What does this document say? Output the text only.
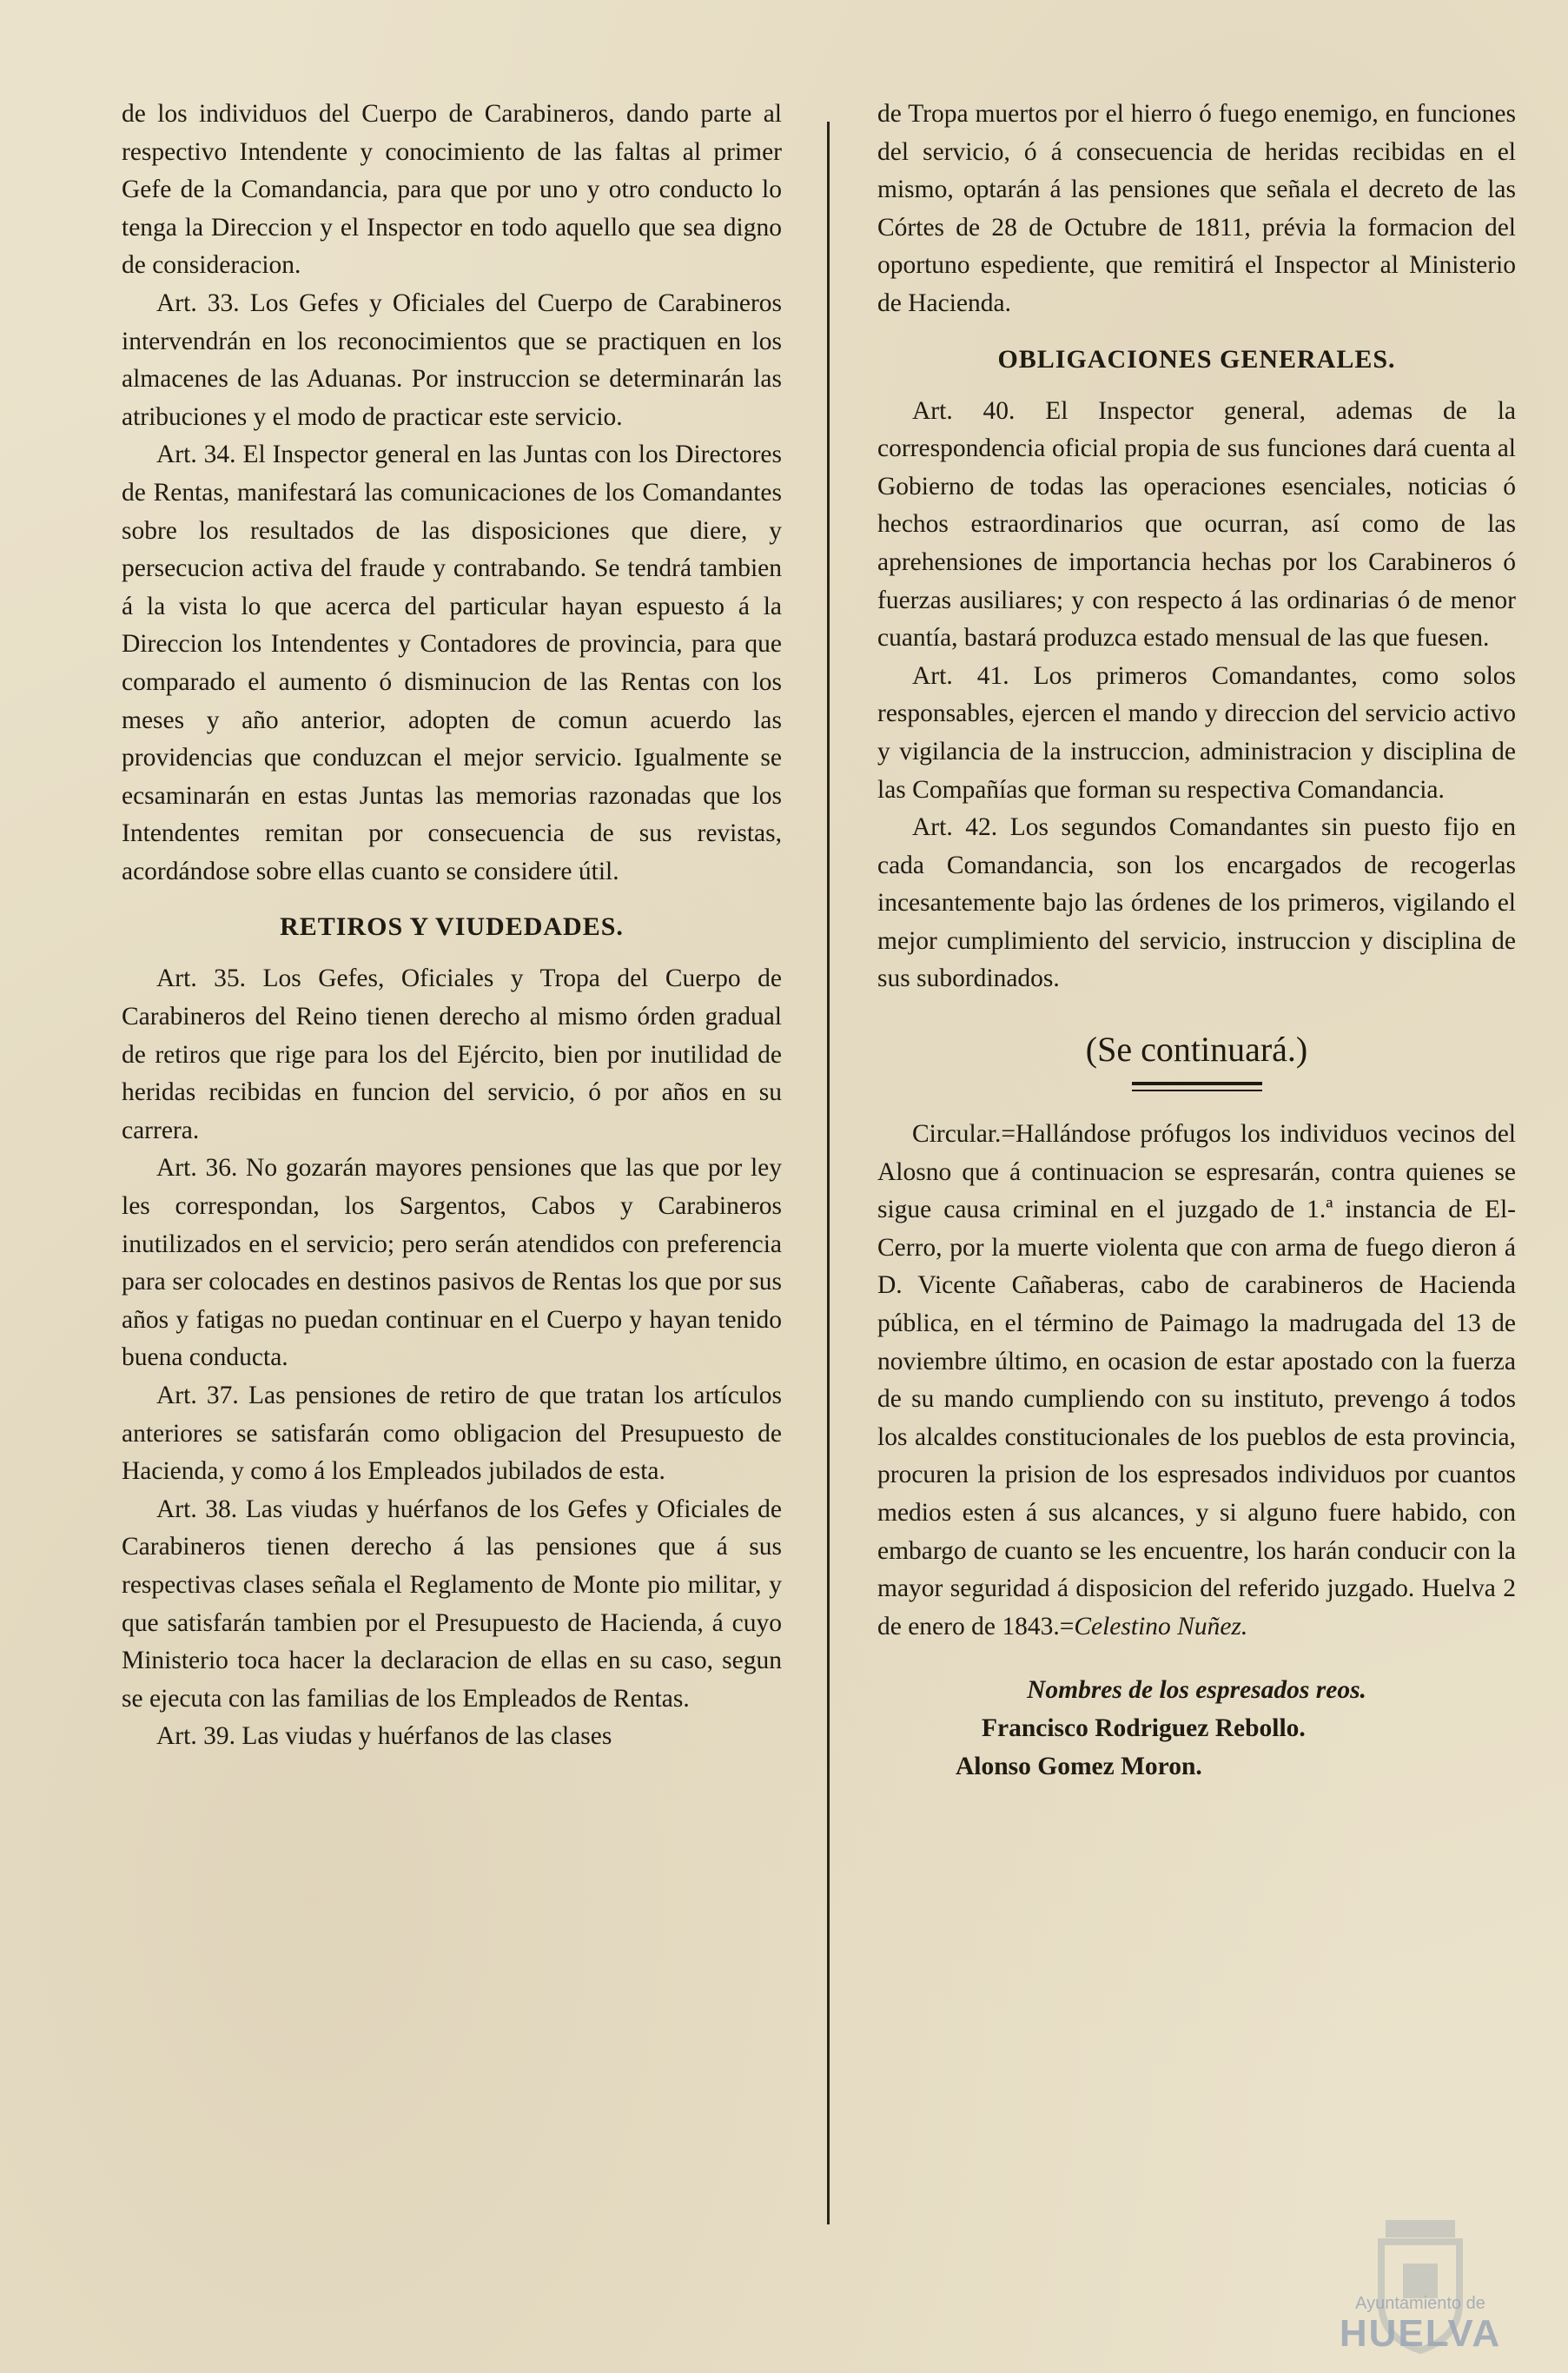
de los individuos del Cuerpo de Carabineros, dando parte al respectivo Intendente y conocimiento de las faltas al primer Gefe de la Comandancia, para que por uno y otro conducto lo tenga la Direccion y el Inspector en todo aquello que sea digno de consideracion.

Art. 33. Los Gefes y Oficiales del Cuerpo de Carabineros intervendrán en los reconocimientos que se practiquen en los almacenes de las Aduanas. Por instruccion se determinarán las atribuciones y el modo de practicar este servicio.

Art. 34. El Inspector general en las Juntas con los Directores de Rentas, manifestará las comunicaciones de los Comandantes sobre los resultados de las disposiciones que diere, y persecucion activa del fraude y contrabando. Se tendrá tambien á la vista lo que acerca del particular hayan espuesto á la Direccion los Intendentes y Contadores de provincia, para que comparado el aumento ó disminucion de las Rentas con los meses y año anterior, adopten de comun acuerdo las providencias que conduzcan el mejor servicio. Igualmente se ecsaminarán en estas Juntas las memorias razonadas que los Intendentes remitan por consecuencia de sus revistas, acordándose sobre ellas cuanto se considere útil.

RETIROS Y VIUDEDADES.

Art. 35. Los Gefes, Oficiales y Tropa del Cuerpo de Carabineros del Reino tienen derecho al mismo órden gradual de retiros que rige para los del Ejército, bien por inutilidad de heridas recibidas en funcion del servicio, ó por años en su carrera.

Art. 36. No gozarán mayores pensiones que las que por ley les correspondan, los Sargentos, Cabos y Carabineros inutilizados en el servicio; pero serán atendidos con preferencia para ser colocades en destinos pasivos de Rentas los que por sus años y fatigas no puedan continuar en el Cuerpo y hayan tenido buena conducta.

Art. 37. Las pensiones de retiro de que tratan los artículos anteriores se satisfarán como obligacion del Presupuesto de Hacienda, y como á los Empleados jubilados de esta.

Art. 38. Las viudas y huérfanos de los Gefes y Oficiales de Carabineros tienen derecho á las pensiones que á sus respectivas clases señala el Reglamento de Monte pio militar, y que satisfarán tambien por el Presupuesto de Hacienda, á cuyo Ministerio toca hacer la declaracion de ellas en su caso, segun se ejecuta con las familias de los Empleados de Rentas.

Art. 39. Las viudas y huérfanos de las clases

de Tropa muertos por el hierro ó fuego enemigo, en funciones del servicio, ó á consecuencia de heridas recibidas en el mismo, optarán á las pensiones que señala el decreto de las Córtes de 28 de Octubre de 1811, prévia la formacion del oportuno espediente, que remitirá el Inspector al Ministerio de Hacienda.

OBLIGACIONES GENERALES.

Art. 40. El Inspector general, ademas de la correspondencia oficial propia de sus funciones dará cuenta al Gobierno de todas las operaciones esenciales, noticias ó hechos estraordinarios que ocurran, así como de las aprehensiones de importancia hechas por los Carabineros ó fuerzas ausiliares; y con respecto á las ordinarias ó de menor cuantía, bastará produzca estado mensual de las que fuesen.

Art. 41. Los primeros Comandantes, como solos responsables, ejercen el mando y direccion del servicio activo y vigilancia de la instruccion, administracion y disciplina de las Compañías que forman su respectiva Comandancia.

Art. 42. Los segundos Comandantes sin puesto fijo en cada Comandancia, son los encargados de recogerlas incesantemente bajo las órdenes de los primeros, vigilando el mejor cumplimiento del servicio, instruccion y disciplina de sus subordinados.

(Se continuará.)

Circular.=Hallándose prófugos los individuos vecinos del Alosno que á continuacion se espresarán, contra quienes se sigue causa criminal en el juzgado de 1.ª instancia de El-Cerro, por la muerte violenta que con arma de fuego dieron á D. Vicente Cañaberas, cabo de carabineros de Hacienda pública, en el término de Paimago la madrugada del 13 de noviembre último, en ocasion de estar apostado con la fuerza de su mando cumpliendo con su instituto, prevengo á todos los alcaldes constitucionales de los pueblos de esta provincia, procuren la prision de los espresados individuos por cuantos medios esten á sus alcances, y si alguno fuere habido, con embargo de cuanto se les encuentre, los harán conducir con la mayor seguridad á disposicion del referido juzgado. Huelva 2 de enero de 1843.=Celestino Nuñez.

Nombres de los espresados reos.

Francisco Rodriguez Rebollo.

Alonso Gomez Moron.

Ayuntamiento de
HUELVA
